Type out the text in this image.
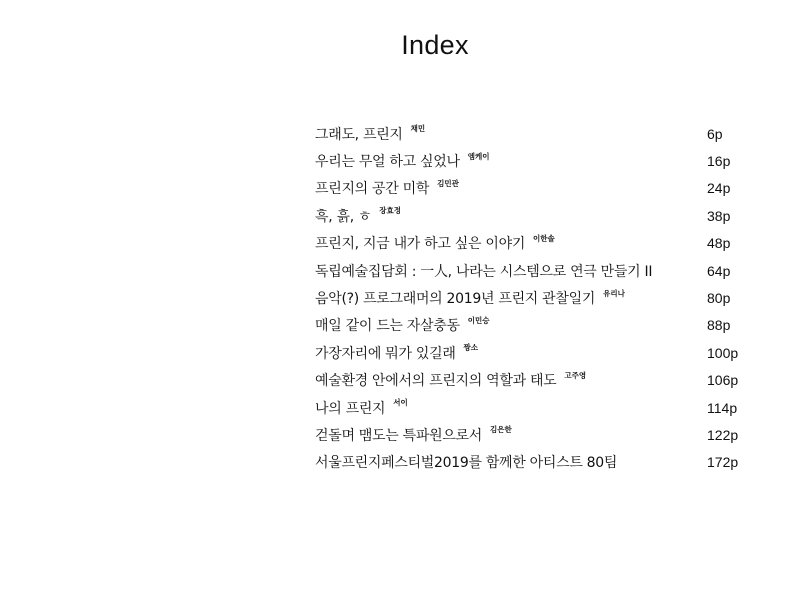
Index
그래도, 프린지 채민	6p
우리는 무얼 하고 싶었나 엠케이	16p
프린지의 공간 미학 김민관	24p
흑, 흙, ㅎ 장효정	38p
프린지, 지금 내가 하고 싶은 이야기 이한솔	48p
독립예술집담회 : 一人, 나라는 시스템으로 연극 만들기 II	64p
음악(?) 프로그래머의 2019년 프린지 관찰일기 유리나	80p
매일 같이 드는 자살충동 이민승	88p
가장자리에 뭐가 있길래 짱소	100p
예술환경 안에서의 프린지의 역할과 태도 고주영	106p
나의 프린지 서이	114p
걷돌며 맴도는 특파원으로서 김은한	122p
서울프린지페스티벌2019를 함께한 아티스트 80팀	172p
